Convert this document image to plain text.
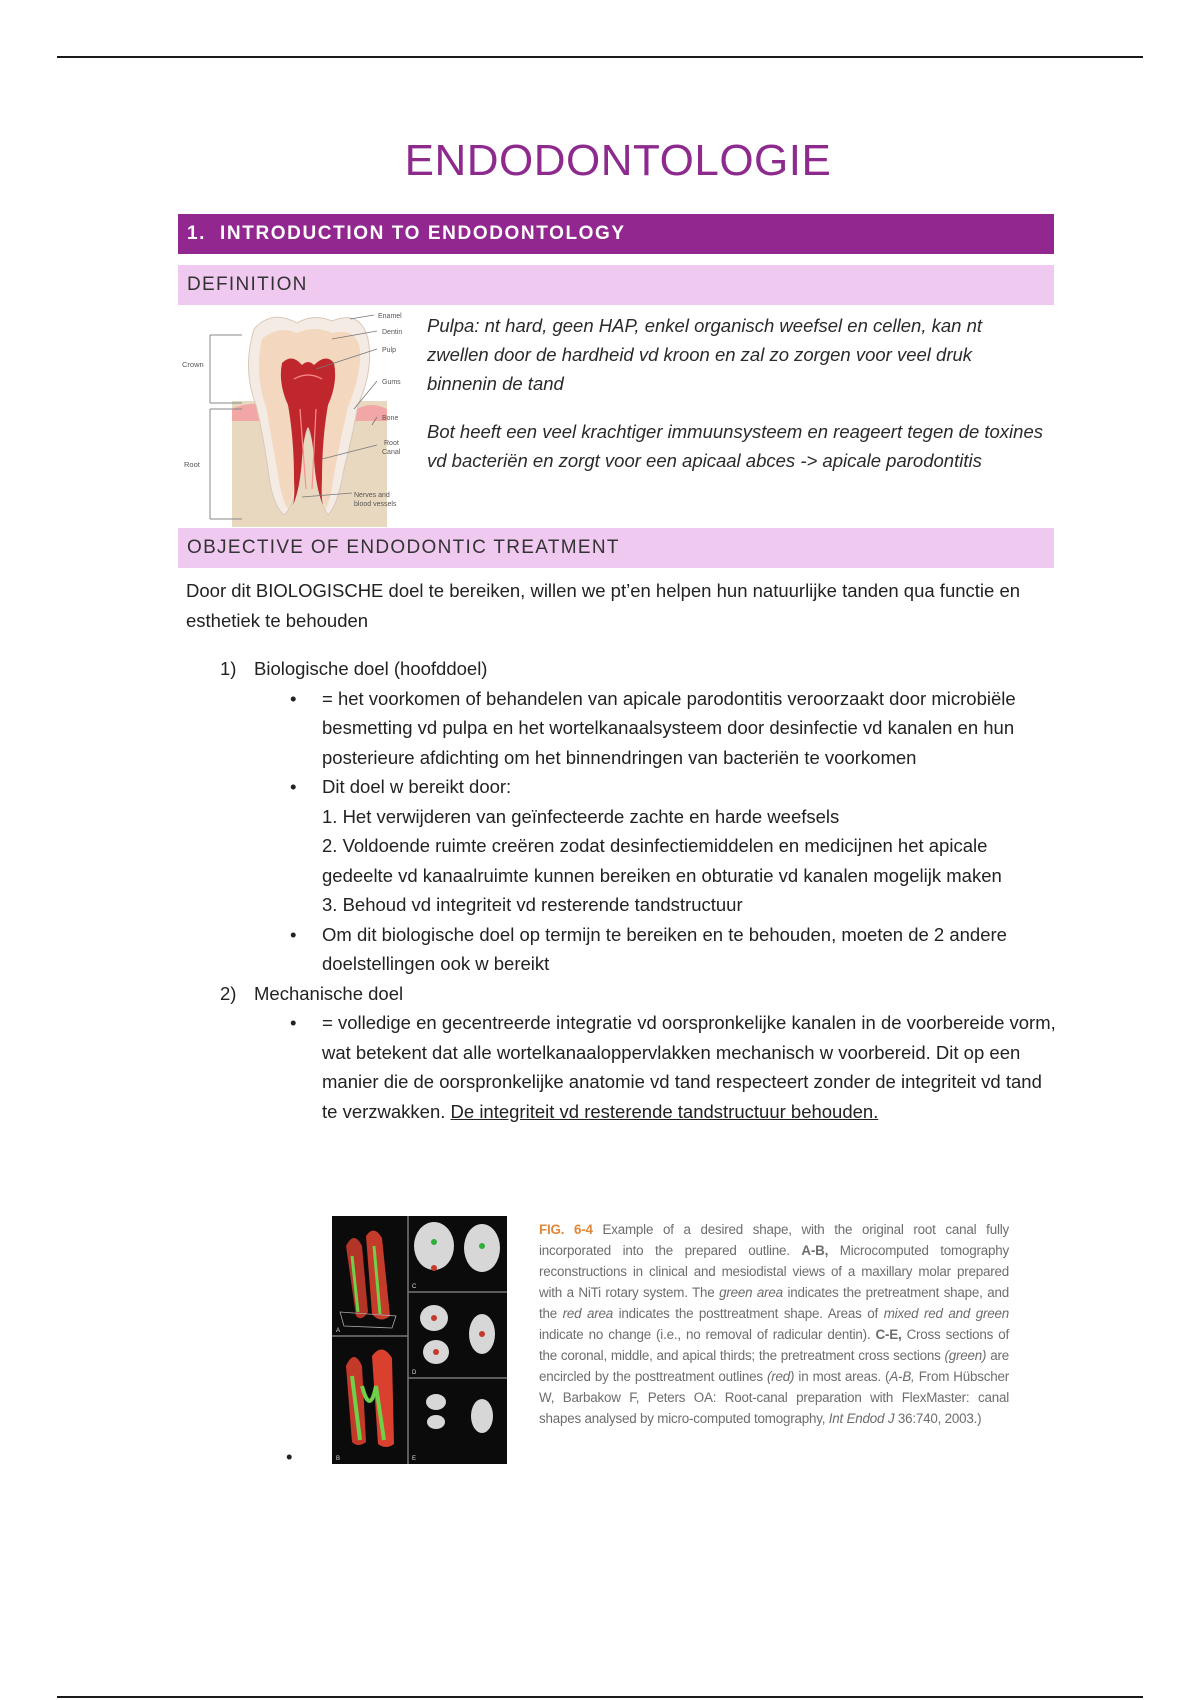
ENDODONTOLOGIE
1. INTRODUCTION TO ENDODONTOLOGY
DEFINITION
Crown
Root
Enamel
Dentin
Pulp
Gums
Bone
Root
Canal
Nerves and
blood vessels

Pulpa: nt hard, geen HAP, enkel organisch weefsel en cellen, kan nt zwellen door de hardheid vd kroon en zal zo zorgen voor veel druk binnenin de tand

Bot heeft een veel krachtiger immuunsysteem en reageert tegen de toxines vd bacteriën en zorgt voor een apicaal abces -> apicale parodontitis

OBJECTIVE OF ENDODONTIC TREATMENT
Door dit BIOLOGISCHE doel te bereiken, willen we pt’en helpen hun natuurlijke tanden qua functie en esthetiek te behouden
1) Biologische doel (hoofddoel)
• = het voorkomen of behandelen van apicale parodontitis veroorzaakt door microbiële besmetting vd pulpa en het wortelkanaalsysteem door desinfectie vd kanalen en hun posterieure afdichting om het binnendringen van bacteriën te voorkomen
• Dit doel w bereikt door:
1. Het verwijderen van geïnfecteerde zachte en harde weefsels
2. Voldoende ruimte creëren zodat desinfectiemiddelen en medicijnen het apicale gedeelte vd kanaalruimte kunnen bereiken en obturatie vd kanalen mogelijk maken
3. Behoud vd integriteit vd resterende tandstructuur
• Om dit biologische doel op termijn te bereiken en te behouden, moeten de 2 andere doelstellingen ook w bereikt
2) Mechanische doel
• = volledige en gecentreerde integratie vd oorspronkelijke kanalen in de voorbereide vorm, wat betekent dat alle wortelkanaaloppervlakken mechanisch w voorbereid. Dit op een manier die de oorspronkelijke anatomie vd tand respecteert zonder de integriteit vd tand te verzwakken. De integriteit vd resterende tandstructuur behouden.
A
B
C
D
E
•
FIG. 6-4 Example of a desired shape, with the original root canal fully incorporated into the prepared outline. A-B, Microcomputed tomography reconstructions in clinical and mesiodistal views of a maxillary molar prepared with a NiTi rotary system. The green area indicates the pretreatment shape, and the red area indicates the posttreatment shape. Areas of mixed red and green indicate no change (i.e., no removal of radicular dentin). C-E, Cross sections of the coronal, middle, and apical thirds; the pretreatment cross sections (green) are encircled by the posttreatment outlines (red) in most areas. (A-B, From Hübscher W, Barbakow F, Peters OA: Root-canal preparation with FlexMaster: canal shapes analysed by micro-computed tomography, Int Endod J 36:740, 2003.)
